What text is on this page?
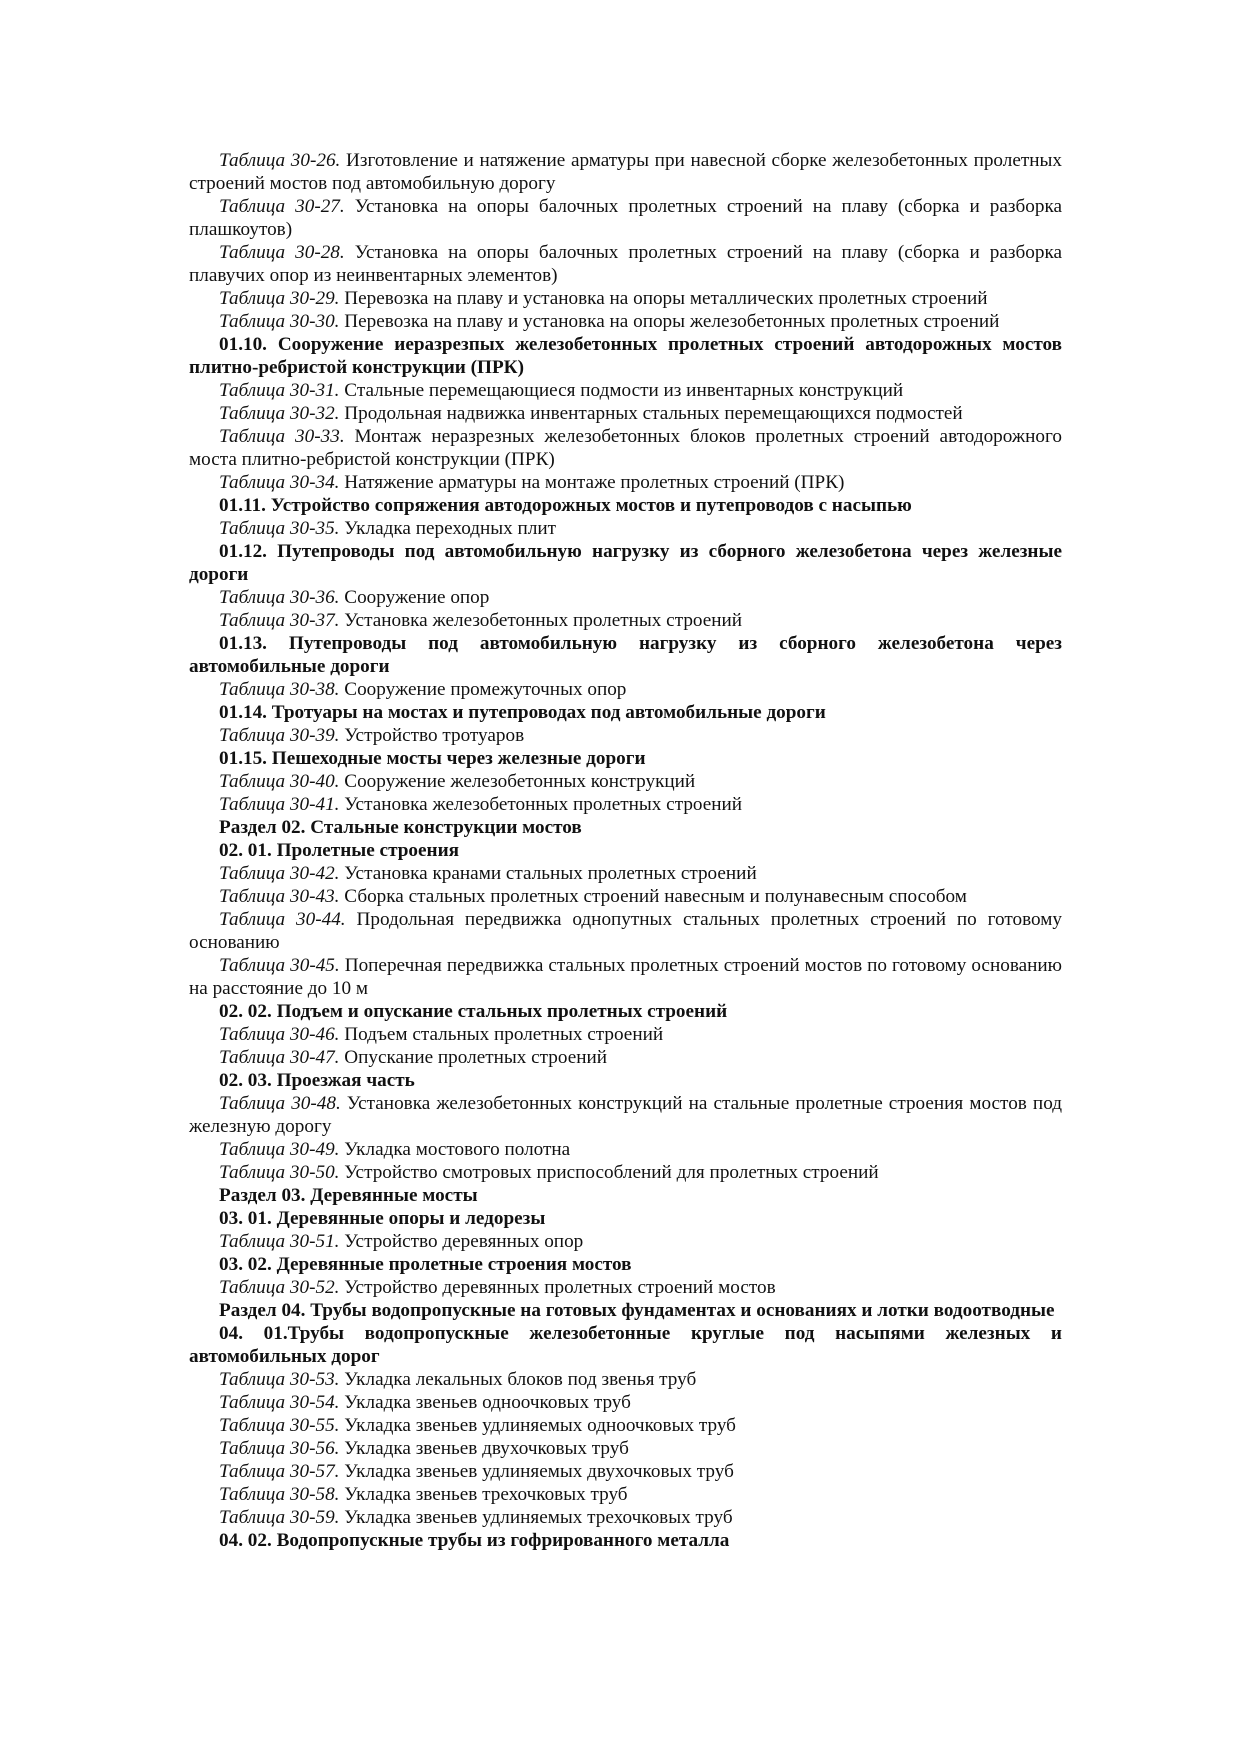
Таблица 30-26. Изготовление и натяжение арматуры при навесной сборке железобетонных пролетных строений мостов под автомобильную дорогу

Таблица 30-27. Установка на опоры балочных пролетных строений на плаву (сборка и разборка плашкоутов)

Таблица 30-28. Установка на опоры балочных пролетных строений на плаву (сборка и разборка плавучих опор из неинвентарных элементов)

Таблица 30-29. Перевозка на плаву и установка на опоры металлических пролетных строений

Таблица 30-30. Перевозка на плаву и установка на опоры железобетонных пролетных строений

01.10. Сооружение иеразрезпых железобетонных пролетных строений автодорожных мостов плитно-ребристой конструкции (ПРК)

Таблица 30-31. Стальные перемещающиеся подмости из инвентарных конструкций

Таблица 30-32. Продольная надвижка инвентарных стальных перемещающихся подмостей

Таблица 30-33. Монтаж неразрезных железобетонных блоков пролетных строений автодорожного моста плитно-ребристой конструкции (ПРК)

Таблица 30-34. Натяжение арматуры на монтаже пролетных строений (ПРК)

01.11. Устройство сопряжения автодорожных мостов и путепроводов с насыпью

Таблица 30-35. Укладка переходных плит

01.12. Путепроводы под автомобильную нагрузку из сборного железобетона через железные дороги

Таблица 30-36. Сооружение опор

Таблица 30-37. Установка железобетонных пролетных строений

01.13. Путепроводы под автомобильную нагрузку из сборного железобетона через автомобильные дороги

Таблица 30-38. Сооружение промежуточных опор

01.14. Тротуары на мостах и путепроводах под автомобильные дороги

Таблица 30-39. Устройство тротуаров

01.15. Пешеходные мосты через железные дороги

Таблица 30-40. Сооружение железобетонных конструкций

Таблица 30-41. Установка железобетонных пролетных строений

Раздел 02. Стальные конструкции мостов

02. 01. Пролетные строения

Таблица 30-42. Установка кранами стальных пролетных строений

Таблица 30-43. Сборка стальных пролетных строений навесным и полунавесным способом

Таблица 30-44. Продольная передвижка однопутных стальных пролетных строений по готовому основанию

Таблица 30-45. Поперечная передвижка стальных пролетных строений мостов по готовому основанию на расстояние до 10 м

02. 02. Подъем и опускание стальных пролетных строений

Таблица 30-46. Подъем стальных пролетных строений

Таблица 30-47. Опускание пролетных строений

02. 03. Проезжая часть

Таблица 30-48. Установка железобетонных конструкций на стальные пролетные строения мостов под железную дорогу

Таблица 30-49. Укладка мостового полотна

Таблица 30-50. Устройство смотровых приспособлений для пролетных строений

Раздел 03. Деревянные мосты

03. 01. Деревянные опоры и ледорезы

Таблица 30-51. Устройство деревянных опор

03. 02. Деревянные пролетные строения мостов

Таблица 30-52. Устройство деревянных пролетных строений мостов

Раздел 04. Трубы водопропускные на готовых фундаментах и основаниях и лотки водоотводные

04. 01.Трубы водопропускные железобетонные круглые под насыпями железных и автомобильных дорог

Таблица 30-53. Укладка лекальных блоков под звенья труб

Таблица 30-54. Укладка звеньев одноочковых труб

Таблица 30-55. Укладка звеньев удлиняемых одноочковых труб

Таблица 30-56. Укладка звеньев двухочковых труб

Таблица 30-57. Укладка звеньев удлиняемых двухочковых труб

Таблица 30-58. Укладка звеньев трехочковых труб

Таблица 30-59. Укладка звеньев удлиняемых трехочковых труб

04. 02. Водопропускные трубы из гофрированного металла
